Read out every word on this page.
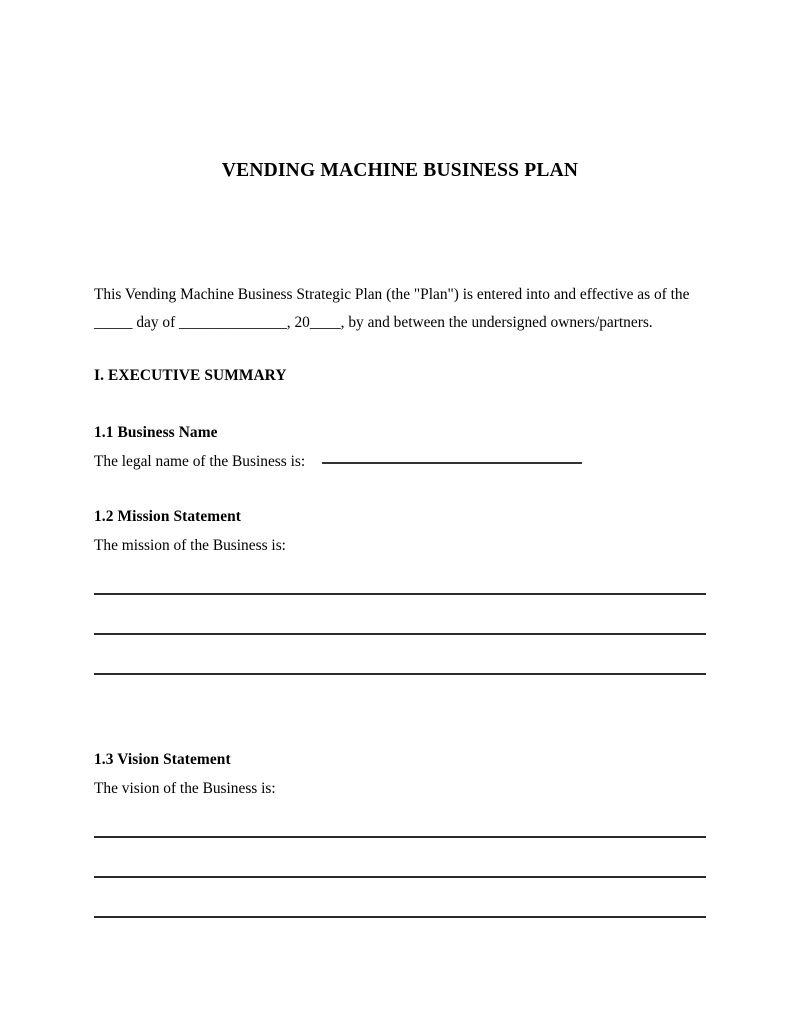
VENDING MACHINE BUSINESS PLAN
This Vending Machine Business Strategic Plan (the "Plan") is entered into and effective as of the
_____ day of ______________, 20____, by and between the undersigned owners/partners.
I. EXECUTIVE SUMMARY
1.1 Business Name
The legal name of the Business is:
1.2 Mission Statement
The mission of the Business is:
1.3 Vision Statement
The vision of the Business is:
